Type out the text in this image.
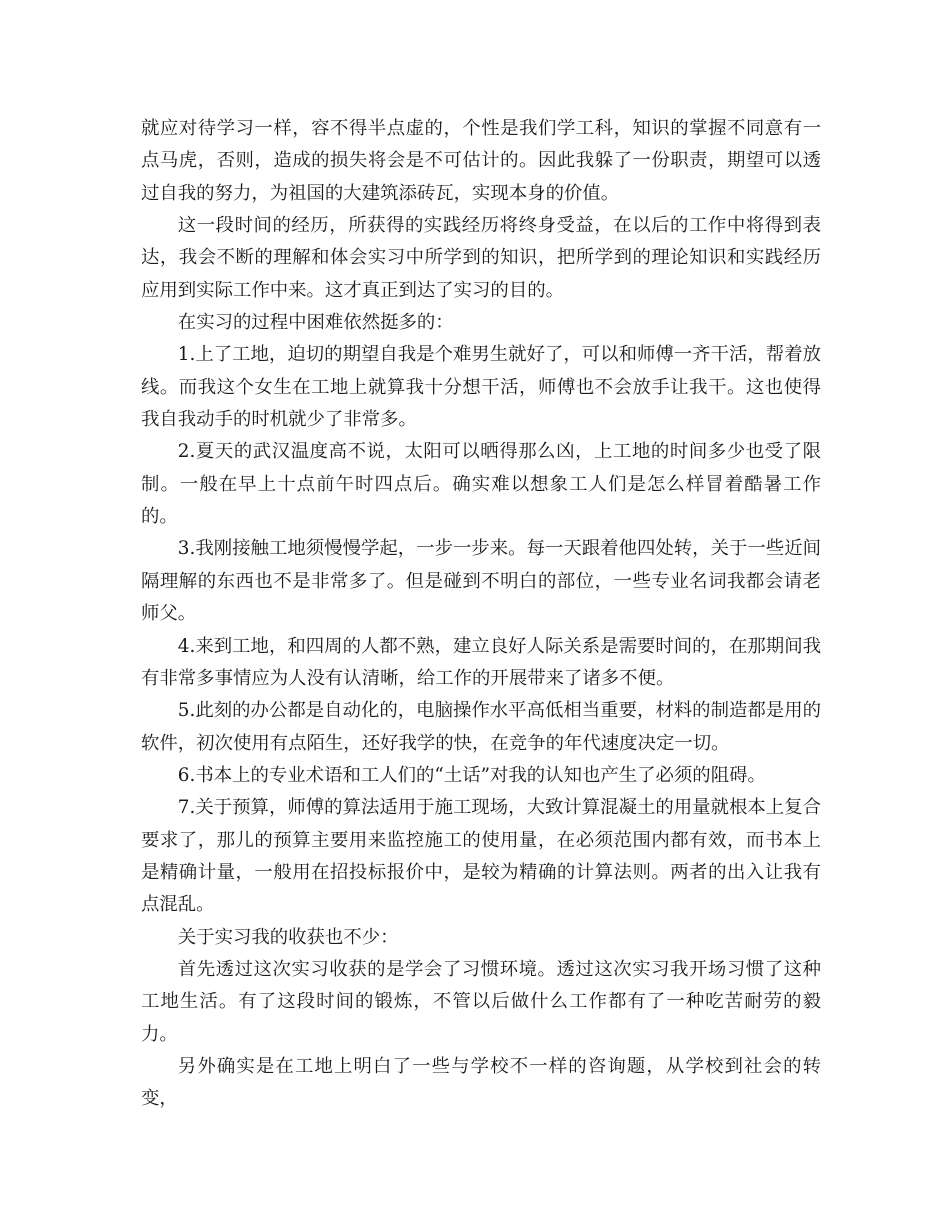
就应对待学习一样，容不得半点虚的，个性是我们学工科，知识的掌握不同意有一点马虎，否则，造成的损失将会是不可估计的。因此我躲了一份职责，期望可以透过自我的努力，为祖国的大建筑添砖瓦，实现本身的价值。

这一段时间的经历，所获得的实践经历将终身受益，在以后的工作中将得到表达，我会不断的理解和体会实习中所学到的知识，把所学到的理论知识和实践经历应用到实际工作中来。这才真正到达了实习的目的。

在实习的过程中困难依然挺多的：

1.上了工地，迫切的期望自我是个难男生就好了，可以和师傅一齐干活，帮着放线。而我这个女生在工地上就算我十分想干活，师傅也不会放手让我干。这也使得我自我动手的时机就少了非常多。

2.夏天的武汉温度高不说，太阳可以晒得那么凶，上工地的时间多少也受了限制。一般在早上十点前午时四点后。确实难以想象工人们是怎么样冒着酷暑工作的。

3.我刚接触工地须慢慢学起，一步一步来。每一天跟着他四处转，关于一些近间隔理解的东西也不是非常多了。但是碰到不明白的部位，一些专业名词我都会请老师父。

4.来到工地，和四周的人都不熟，建立良好人际关系是需要时间的，在那期间我有非常多事情应为人没有认清晰，给工作的开展带来了诸多不便。

5.此刻的办公都是自动化的，电脑操作水平高低相当重要，材料的制造都是用的软件，初次使用有点陌生，还好我学的快，在竞争的年代速度决定一切。

6.书本上的专业术语和工人们的“土话”对我的认知也产生了必须的阻碍。

7.关于预算，师傅的算法适用于施工现场，大致计算混凝土的用量就根本上复合要求了，那儿的预算主要用来监控施工的使用量，在必须范围内都有效，而书本上是精确计量，一般用在招投标报价中，是较为精确的计算法则。两者的出入让我有点混乱。

关于实习我的收获也不少：

首先透过这次实习收获的是学会了习惯环境。透过这次实习我开场习惯了这种工地生活。有了这段时间的锻炼，不管以后做什么工作都有了一种吃苦耐劳的毅力。

另外确实是在工地上明白了一些与学校不一样的咨询题，从学校到社会的转变，
